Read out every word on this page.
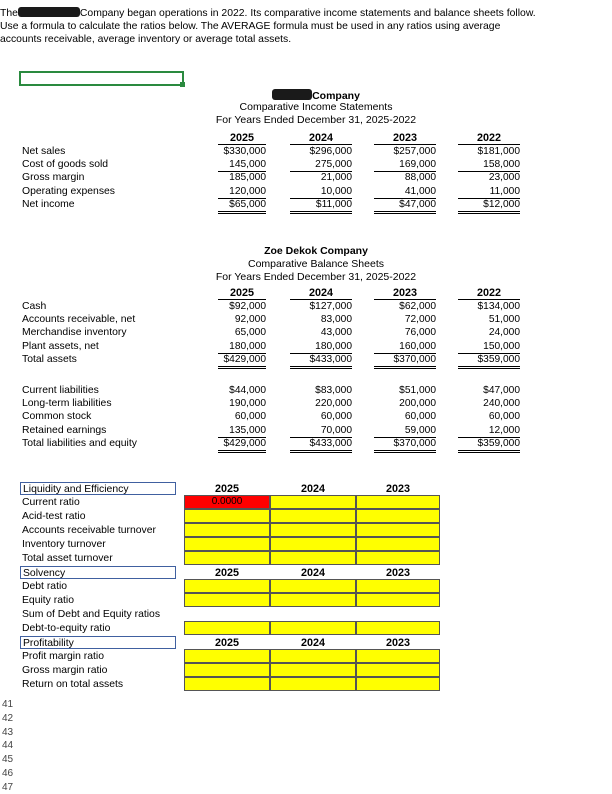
The	Company began operations in 2022. Its comparative income statements and balance sheets follow.
Use a formula to calculate the ratios below. The AVERAGE formula must be used in any ratios using average
accounts receivable, average inventory or average total assets.
Company
Comparative Income Statements
For Years Ended December 31, 2025-2022
2025	2024	2023	2022
Net sales	$330,000	$296,000	$257,000	$181,000
Cost of goods sold	145,000	275,000	169,000	158,000
Gross margin	185,000	21,000	88,000	23,000
Operating expenses	120,000	10,000	41,000	11,000
Net income	$65,000	$11,000	$47,000	$12,000
Zoe Dekok Company
Comparative Balance Sheets
For Years Ended December 31, 2025-2022
2025	2024	2023	2022
Cash	$92,000	$127,000	$62,000	$134,000
Accounts receivable, net	92,000	83,000	72,000	51,000
Merchandise inventory	65,000	43,000	76,000	24,000
Plant assets, net	180,000	180,000	160,000	150,000
Total assets	$429,000	$433,000	$370,000	$359,000
Current liabilities	$44,000	$83,000	$51,000	$47,000
Long-term liabilities	190,000	220,000	200,000	240,000
Common stock	60,000	60,000	60,000	60,000
Retained earnings	135,000	70,000	59,000	12,000
Total liabilities and equity	$429,000	$433,000	$370,000	$359,000
Liquidity and Efficiency	2025	2024	2023
Current ratio	0.0000
Acid-test ratio
Accounts receivable turnover
Inventory turnover
Total asset turnover
Solvency	2025	2024	2023
Debt ratio
Equity ratio
Sum of Debt and Equity ratios
Debt-to-equity ratio
Profitability	2025	2024	2023
Profit margin ratio
Gross margin ratio
Return on total assets
41
42
43
44
45
46
47
